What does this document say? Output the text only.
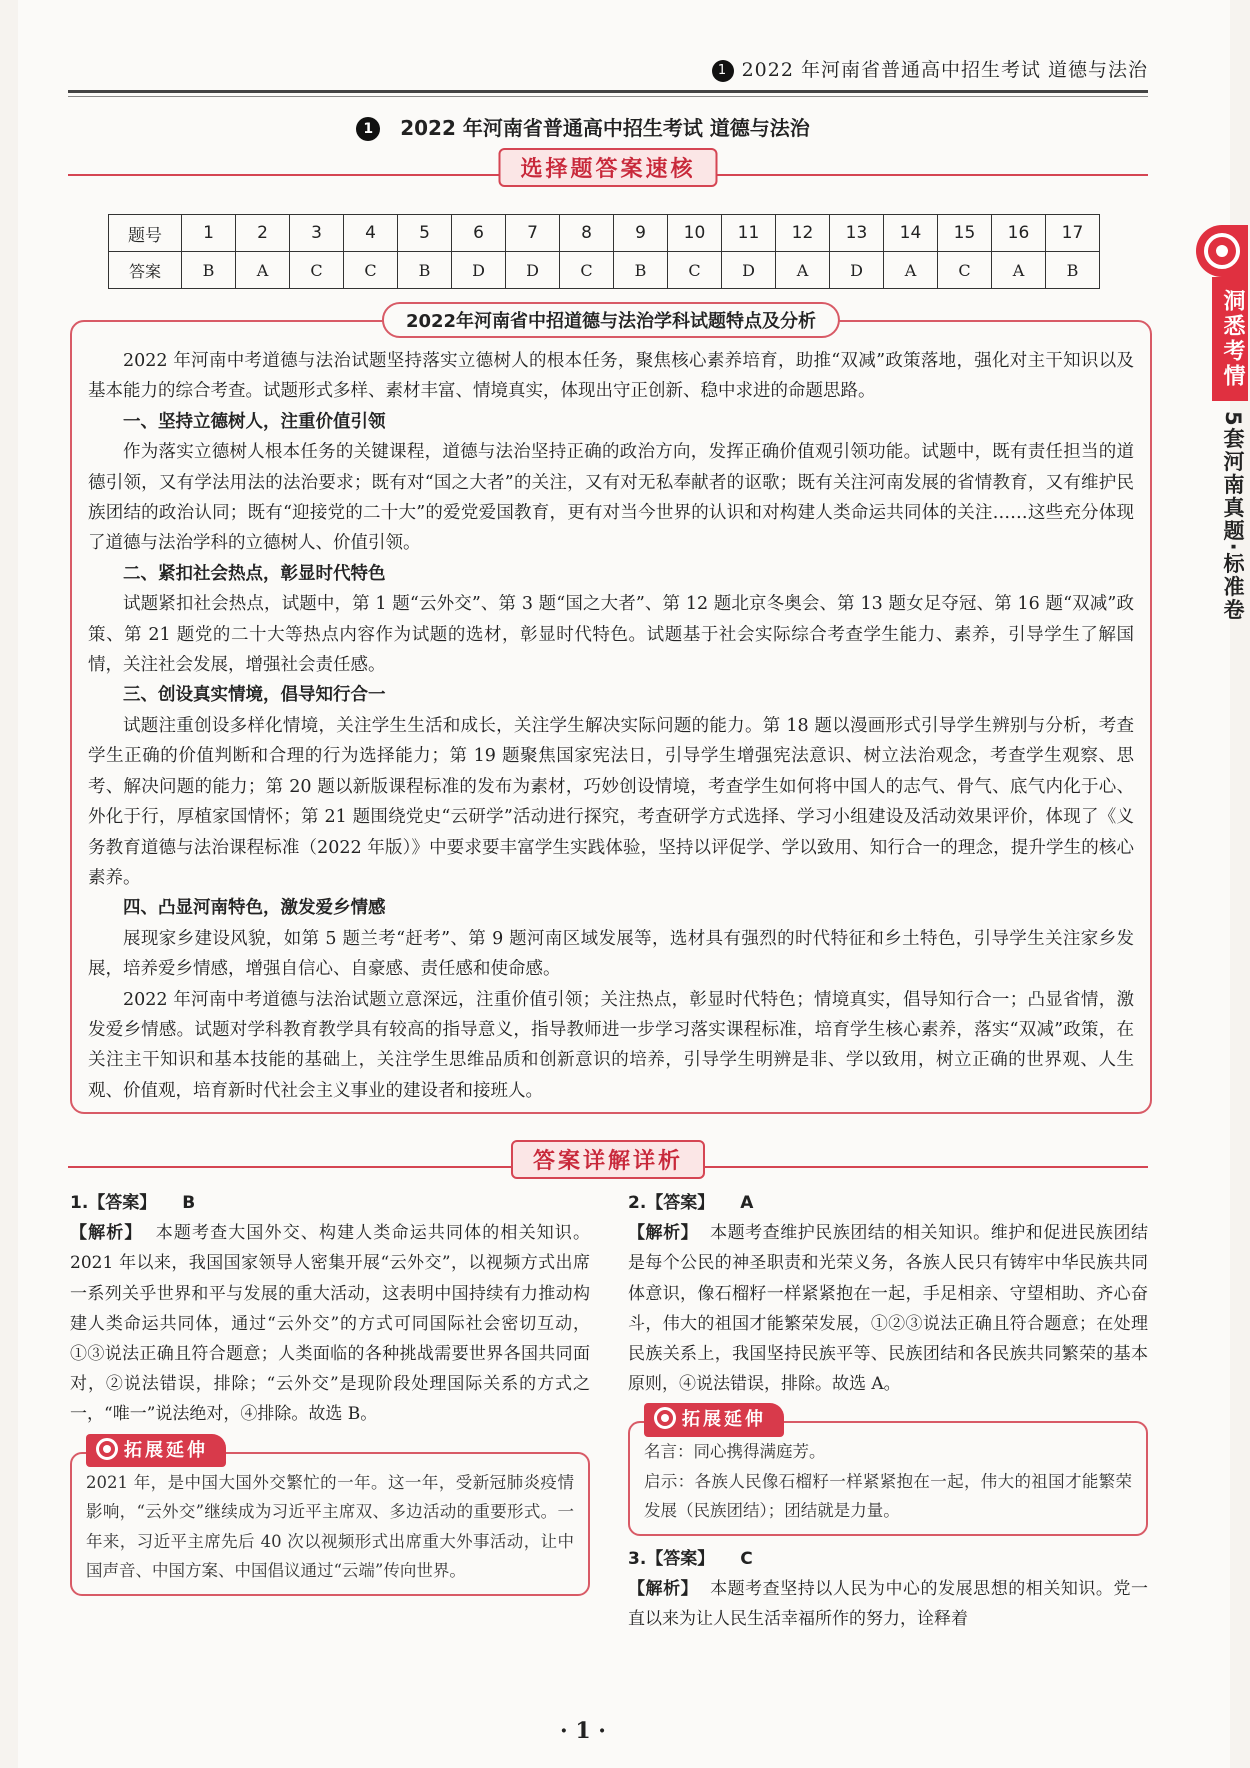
1 2022 年河南省普通高中招生考试 道德与法治
1 2022 年河南省普通高中招生考试 道德与法治
选择题答案速核
题号	1	2	3	4	5	6	7	8	9	10	11	12	13	14	15	16	17
答案	B	A	C	C	B	D	D	C	B	C	D	A	D	A	C	A	B
2022年河南省中招道德与法治学科试题特点及分析

2022 年河南中考道德与法治试题坚持落实立德树人的根本任务，聚焦核心素养培育，助推“双减”政策落地，强化对主干知识以及基本能力的综合考查。试题形式多样、素材丰富、情境真实，体现出守正创新、稳中求进的命题思路。

一、坚持立德树人，注重价值引领

作为落实立德树人根本任务的关键课程，道德与法治坚持正确的政治方向，发挥正确价值观引领功能。试题中，既有责任担当的道德引领，又有学法用法的法治要求；既有对“国之大者”的关注，又有对无私奉献者的讴歌；既有关注河南发展的省情教育，又有维护民族团结的政治认同；既有“迎接党的二十大”的爱党爱国教育，更有对当今世界的认识和对构建人类命运共同体的关注……这些充分体现了道德与法治学科的立德树人、价值引领。

二、紧扣社会热点，彰显时代特色

试题紧扣社会热点，试题中，第 1 题“云外交”、第 3 题“国之大者”、第 12 题北京冬奥会、第 13 题女足夺冠、第 16 题“双减”政策、第 21 题党的二十大等热点内容作为试题的选材，彰显时代特色。试题基于社会实际综合考查学生能力、素养，引导学生了解国情，关注社会发展，增强社会责任感。

三、创设真实情境，倡导知行合一

试题注重创设多样化情境，关注学生生活和成长，关注学生解决实际问题的能力。第 18 题以漫画形式引导学生辨别与分析，考查学生正确的价值判断和合理的行为选择能力；第 19 题聚焦国家宪法日，引导学生增强宪法意识、树立法治观念，考查学生观察、思考、解决问题的能力；第 20 题以新版课程标准的发布为素材，巧妙创设情境，考查学生如何将中国人的志气、骨气、底气内化于心、外化于行，厚植家国情怀；第 21 题围绕党史“云研学”活动进行探究，考查研学方式选择、学习小组建设及活动效果评价，体现了《义务教育道德与法治课程标准（2022 年版）》中要求要丰富学生实践体验，坚持以评促学、学以致用、知行合一的理念，提升学生的核心素养。

四、凸显河南特色，激发爱乡情感

展现家乡建设风貌，如第 5 题兰考“赶考”、第 9 题河南区域发展等，选材具有强烈的时代特征和乡土特色，引导学生关注家乡发展，培养爱乡情感，增强自信心、自豪感、责任感和使命感。

2022 年河南中考道德与法治试题立意深远，注重价值引领；关注热点，彰显时代特色；情境真实，倡导知行合一；凸显省情，激发爱乡情感。试题对学科教育教学具有较高的指导意义，指导教师进一步学习落实课程标准，培育学生核心素养，落实“双减”政策，在关注主干知识和基本技能的基础上，关注学生思维品质和创新意识的培养，引导学生明辨是非、学以致用，树立正确的世界观、人生观、价值观，培育新时代社会主义事业的建设者和接班人。

答案详解详析
1.【答案】 B

【解析】 本题考查大国外交、构建人类命运共同体的相关知识。2021 年以来，我国国家领导人密集开展“云外交”，以视频方式出席一系列关乎世界和平与发展的重大活动，这表明中国持续有力推动构建人类命运共同体，通过“云外交”的方式可同国际社会密切互动，①③说法正确且符合题意；人类面临的各种挑战需要世界各国共同面对，②说法错误，排除；“云外交”是现阶段处理国际关系的方式之一，“唯一”说法绝对，④排除。故选 B。

拓展延伸
2021 年，是中国大国外交繁忙的一年。这一年，受新冠肺炎疫情影响，“云外交”继续成为习近平主席双、多边活动的重要形式。一年来，习近平主席先后 40 次以视频形式出席重大外事活动，让中国声音、中国方案、中国倡议通过“云端”传向世界。
2.【答案】 A

【解析】 本题考查维护民族团结的相关知识。维护和促进民族团结是每个公民的神圣职责和光荣义务，各族人民只有铸牢中华民族共同体意识，像石榴籽一样紧紧抱在一起，手足相亲、守望相助、齐心奋斗，伟大的祖国才能繁荣发展，①②③说法正确且符合题意；在处理民族关系上，我国坚持民族平等、民族团结和各民族共同繁荣的基本原则，④说法错误，排除。故选 A。

拓展延伸
名言：同心携得满庭芳。
启示：各族人民像石榴籽一样紧紧抱在一起，伟大的祖国才能繁荣发展（民族团结）；团结就是力量。
3.【答案】 C

【解析】 本题考查坚持以人民为中心的发展思想的相关知识。党一直以来为让人民生活幸福所作的努力，诠释着

· 1 ·
洞悉考情
5套河南真题·标准卷
